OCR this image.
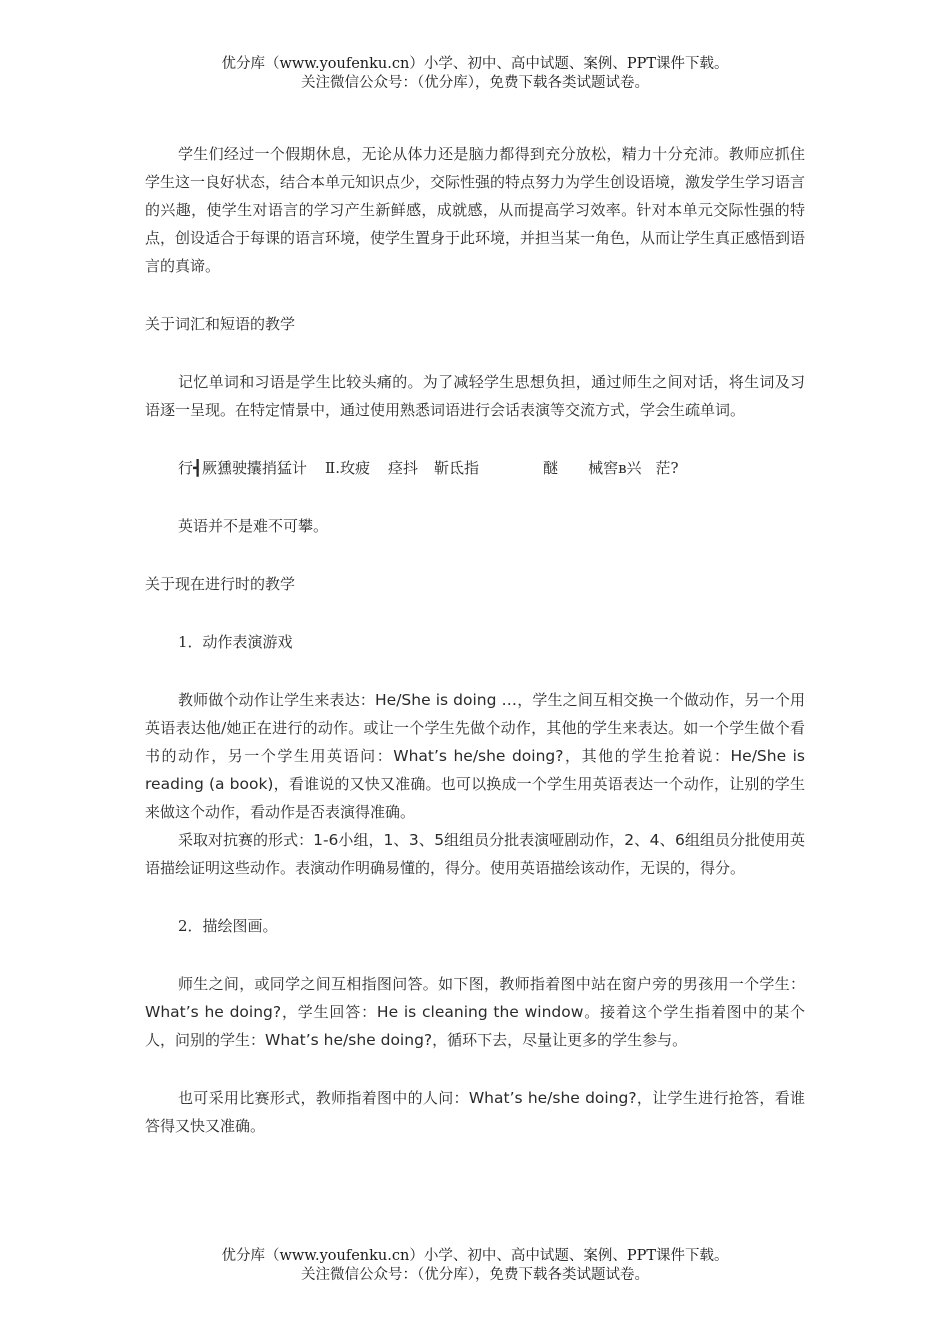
优分库（www.youfenku.cn）小学、初中、高中试题、案例、PPT课件下载。
关注微信公众号：（优分库），免费下载各类试题试卷。

学生们经过一个假期休息，无论从体力还是脑力都得到充分放松，精力十分充沛。教师应抓住学生这一良好状态，结合本单元知识点少，交际性强的特点努力为学生创设语境，激发学生学习语言的兴趣，使学生对语言的学习产生新鲜感，成就感，从而提高学习效率。针对本单元交际性强的特点，创设适合于每课的语言环境，使学生置身于此环境，并担当某一角色，从而让学生真正感悟到语言的真谛。

关于词汇和短语的教学

记忆单词和习语是学生比较头痛的。为了减轻学生思想负担，通过师生之间对话，将生词及习语逐一呈现。在特定情景中，通过使用熟悉词语进行会话表演等交流方式，学会生疏单词。

行┫厥獯驶攮捎猛计 Ⅱ.玫疲 痉抖 靳氐指	醚 械窖в兴 茫?

英语并不是难不可攀。

关于现在进行时的教学

1．动作表演游戏

教师做个动作让学生来表达：He/She is doing …，学生之间互相交换一个做动作，另一个用英语表达他/她正在进行的动作。或让一个学生先做个动作，其他的学生来表达。如一个学生做个看书的动作，另一个学生用英语问：What’s he/she doing?，其他的学生抢着说：He/She is reading (a book)，看谁说的又快又准确。也可以换成一个学生用英语表达一个动作，让别的学生来做这个动作，看动作是否表演得准确。

采取对抗赛的形式：1-6小组，1、3、5组组员分批表演哑剧动作，2、4、6组组员分批使用英语描绘证明这些动作。表演动作明确易懂的，得分。使用英语描绘该动作，无误的，得分。

2．描绘图画。

师生之间，或同学之间互相指图问答。如下图，教师指着图中站在窗户旁的男孩用一个学生：What’s he doing?，学生回答：He is cleaning the window。接着这个学生指着图中的某个人，问别的学生：What’s he/she doing?，循环下去，尽量让更多的学生参与。

也可采用比赛形式，教师指着图中的人问：What’s he/she doing?，让学生进行抢答，看谁答得又快又准确。

优分库（www.youfenku.cn）小学、初中、高中试题、案例、PPT课件下载。
关注微信公众号：（优分库），免费下载各类试题试卷。
